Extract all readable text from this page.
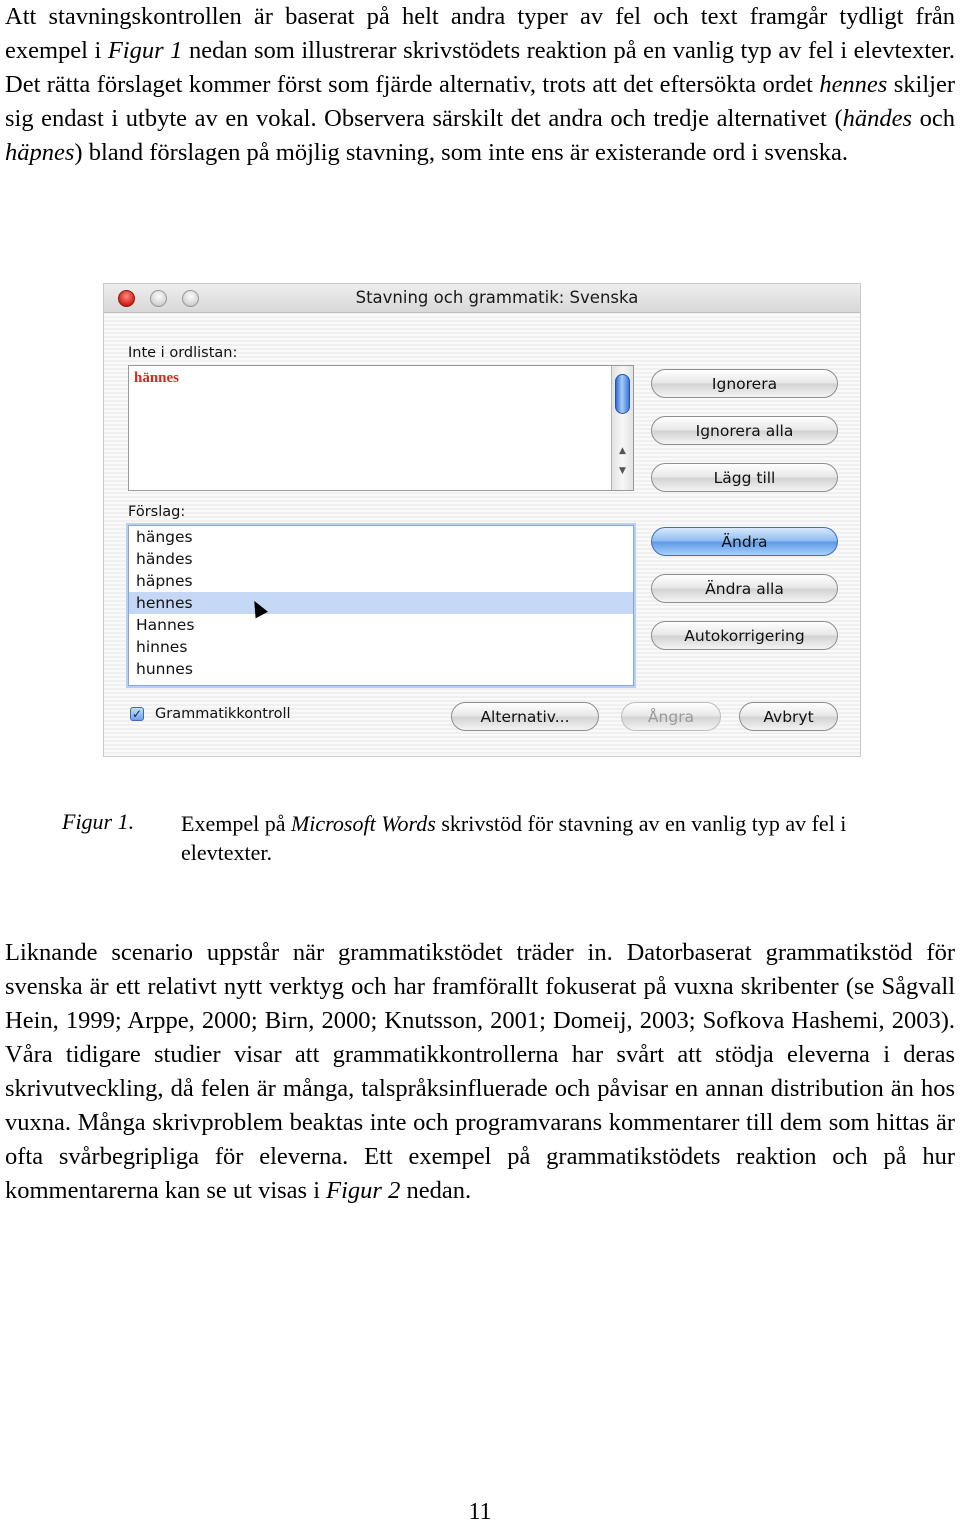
Att stavningskontrollen är baserat på helt andra typer av fel och text framgår tydligt från exempel i Figur 1 nedan som illustrerar skrivstödets reaktion på en vanlig typ av fel i elevtexter. Det rätta förslaget kommer först som fjärde alternativ, trots att det eftersökta ordet hennes skiljer sig endast i utbyte av en vokal. Observera särskilt det andra och tredje alternativet (händes och häpnes) bland förslagen på möjlig stavning, som inte ens är existerande ord i svenska.

Stavning och grammatik: Svenska
Inte i ordlistan:
hännes
▲
▼
Förslag:
hänges
händes
häpnes
hennes
Hannes
hinnes
hunnes
Ignorera
Ignorera alla
Lägg till
Ändra
Ändra alla
Autokorrigering
✓ Grammatikkontroll	Alternativ...	Ångra	Avbryt
Figur 1. Exempel på Microsoft Words skrivstöd för stavning av en vanlig typ av fel i elevtexter.

Liknande scenario uppstår när grammatikstödet träder in. Datorbaserat grammatikstöd för svenska är ett relativt nytt verktyg och har framförallt fokuserat på vuxna skribenter (se Sågvall Hein, 1999; Arppe, 2000; Birn, 2000; Knutsson, 2001; Domeij, 2003; Sofkova Hashemi, 2003). Våra tidigare studier visar att grammatikkontrollerna har svårt att stödja eleverna i deras skrivutveckling, då felen är många, talspråksinfluerade och påvisar en annan distribution än hos vuxna. Många skrivproblem beaktas inte och programvarans kommentarer till dem som hittas är ofta svårbegripliga för eleverna. Ett exempel på grammatikstödets reaktion och på hur kommentarerna kan se ut visas i Figur 2 nedan.

11
